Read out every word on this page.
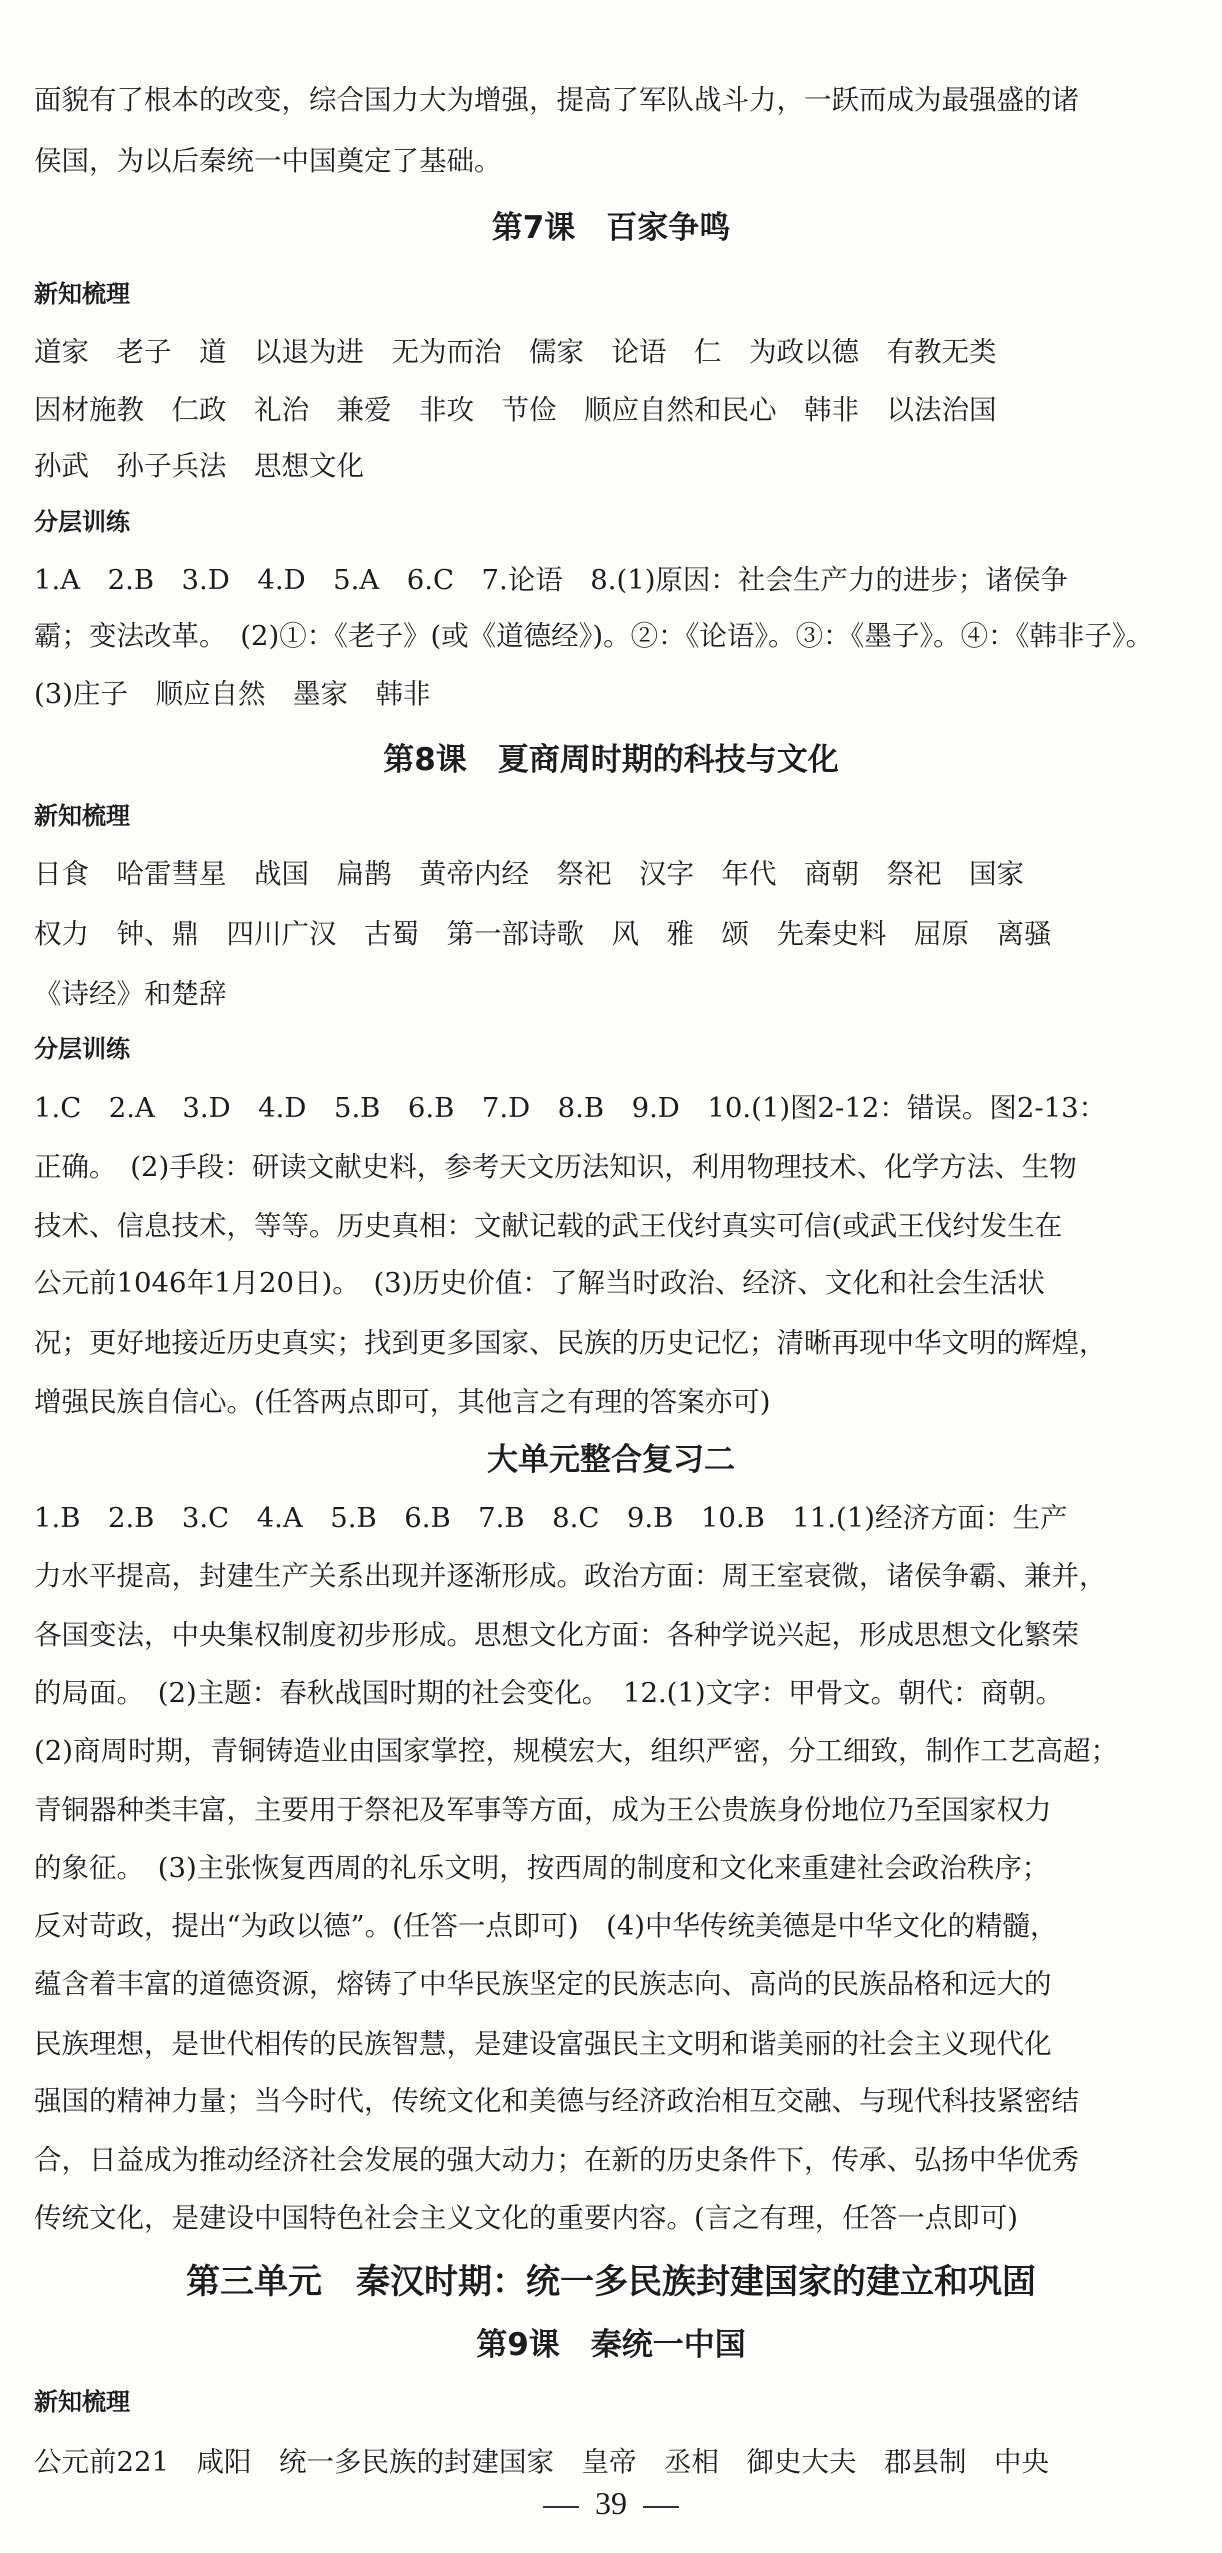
面貌有了根本的改变，综合国力大为增强，提高了军队战斗力，一跃而成为最强盛的诸
侯国，为以后秦统一中国奠定了基础。
第7课　百家争鸣
新知梳理
道家　老子　道　以退为进　无为而治　儒家　论语　仁　为政以德　有教无类
因材施教　仁政　礼治　兼爱　非攻　节俭　顺应自然和民心　韩非　以法治国
孙武　孙子兵法　思想文化
分层训练
1.A　2.B　3.D　4.D　5.A　6.C　7.论语　8.(1)原因：社会生产力的进步；诸侯争
霸；变法改革。　(2)①：《老子》(或《道德经》)。②：《论语》。③：《墨子》。④：《韩非子》。
(3)庄子　顺应自然　墨家　韩非
第8课　夏商周时期的科技与文化
新知梳理
日食　哈雷彗星　战国　扁鹊　黄帝内经　祭祀　汉字　年代　商朝　祭祀　国家
权力　钟、鼎　四川广汉　古蜀　第一部诗歌　风　雅　颂　先秦史料　屈原　离骚
《诗经》和楚辞
分层训练
1.C　2.A　3.D　4.D　5.B　6.B　7.D　8.B　9.D　10.(1)图2-12：错误。图2-13：
正确。　(2)手段：研读文献史料，参考天文历法知识，利用物理技术、化学方法、生物
技术、信息技术，等等。历史真相：文献记载的武王伐纣真实可信(或武王伐纣发生在
公元前1046年1月20日)。　(3)历史价值：了解当时政治、经济、文化和社会生活状
况；更好地接近历史真实；找到更多国家、民族的历史记忆；清晰再现中华文明的辉煌，
增强民族自信心。(任答两点即可，其他言之有理的答案亦可)
大单元整合复习二
1.B　2.B　3.C　4.A　5.B　6.B　7.B　8.C　9.B　10.B　11.(1)经济方面：生产
力水平提高，封建生产关系出现并逐渐形成。政治方面：周王室衰微，诸侯争霸、兼并，
各国变法，中央集权制度初步形成。思想文化方面：各种学说兴起，形成思想文化繁荣
的局面。　(2)主题：春秋战国时期的社会变化。　12.(1)文字：甲骨文。朝代：商朝。
(2)商周时期，青铜铸造业由国家掌控，规模宏大，组织严密，分工细致，制作工艺高超；
青铜器种类丰富，主要用于祭祀及军事等方面，成为王公贵族身份地位乃至国家权力
的象征。　(3)主张恢复西周的礼乐文明，按西周的制度和文化来重建社会政治秩序；
反对苛政，提出“为政以德”。(任答一点即可)　(4)中华传统美德是中华文化的精髓，
蕴含着丰富的道德资源，熔铸了中华民族坚定的民族志向、高尚的民族品格和远大的
民族理想，是世代相传的民族智慧，是建设富强民主文明和谐美丽的社会主义现代化
强国的精神力量；当今时代，传统文化和美德与经济政治相互交融、与现代科技紧密结
合，日益成为推动经济社会发展的强大动力；在新的历史条件下，传承、弘扬中华优秀
传统文化，是建设中国特色社会主义文化的重要内容。(言之有理，任答一点即可)
第三单元　秦汉时期：统一多民族封建国家的建立和巩固
第9课　秦统一中国
新知梳理
公元前221　咸阳　统一多民族的封建国家　皇帝　丞相　御史大夫　郡县制　中央
39
